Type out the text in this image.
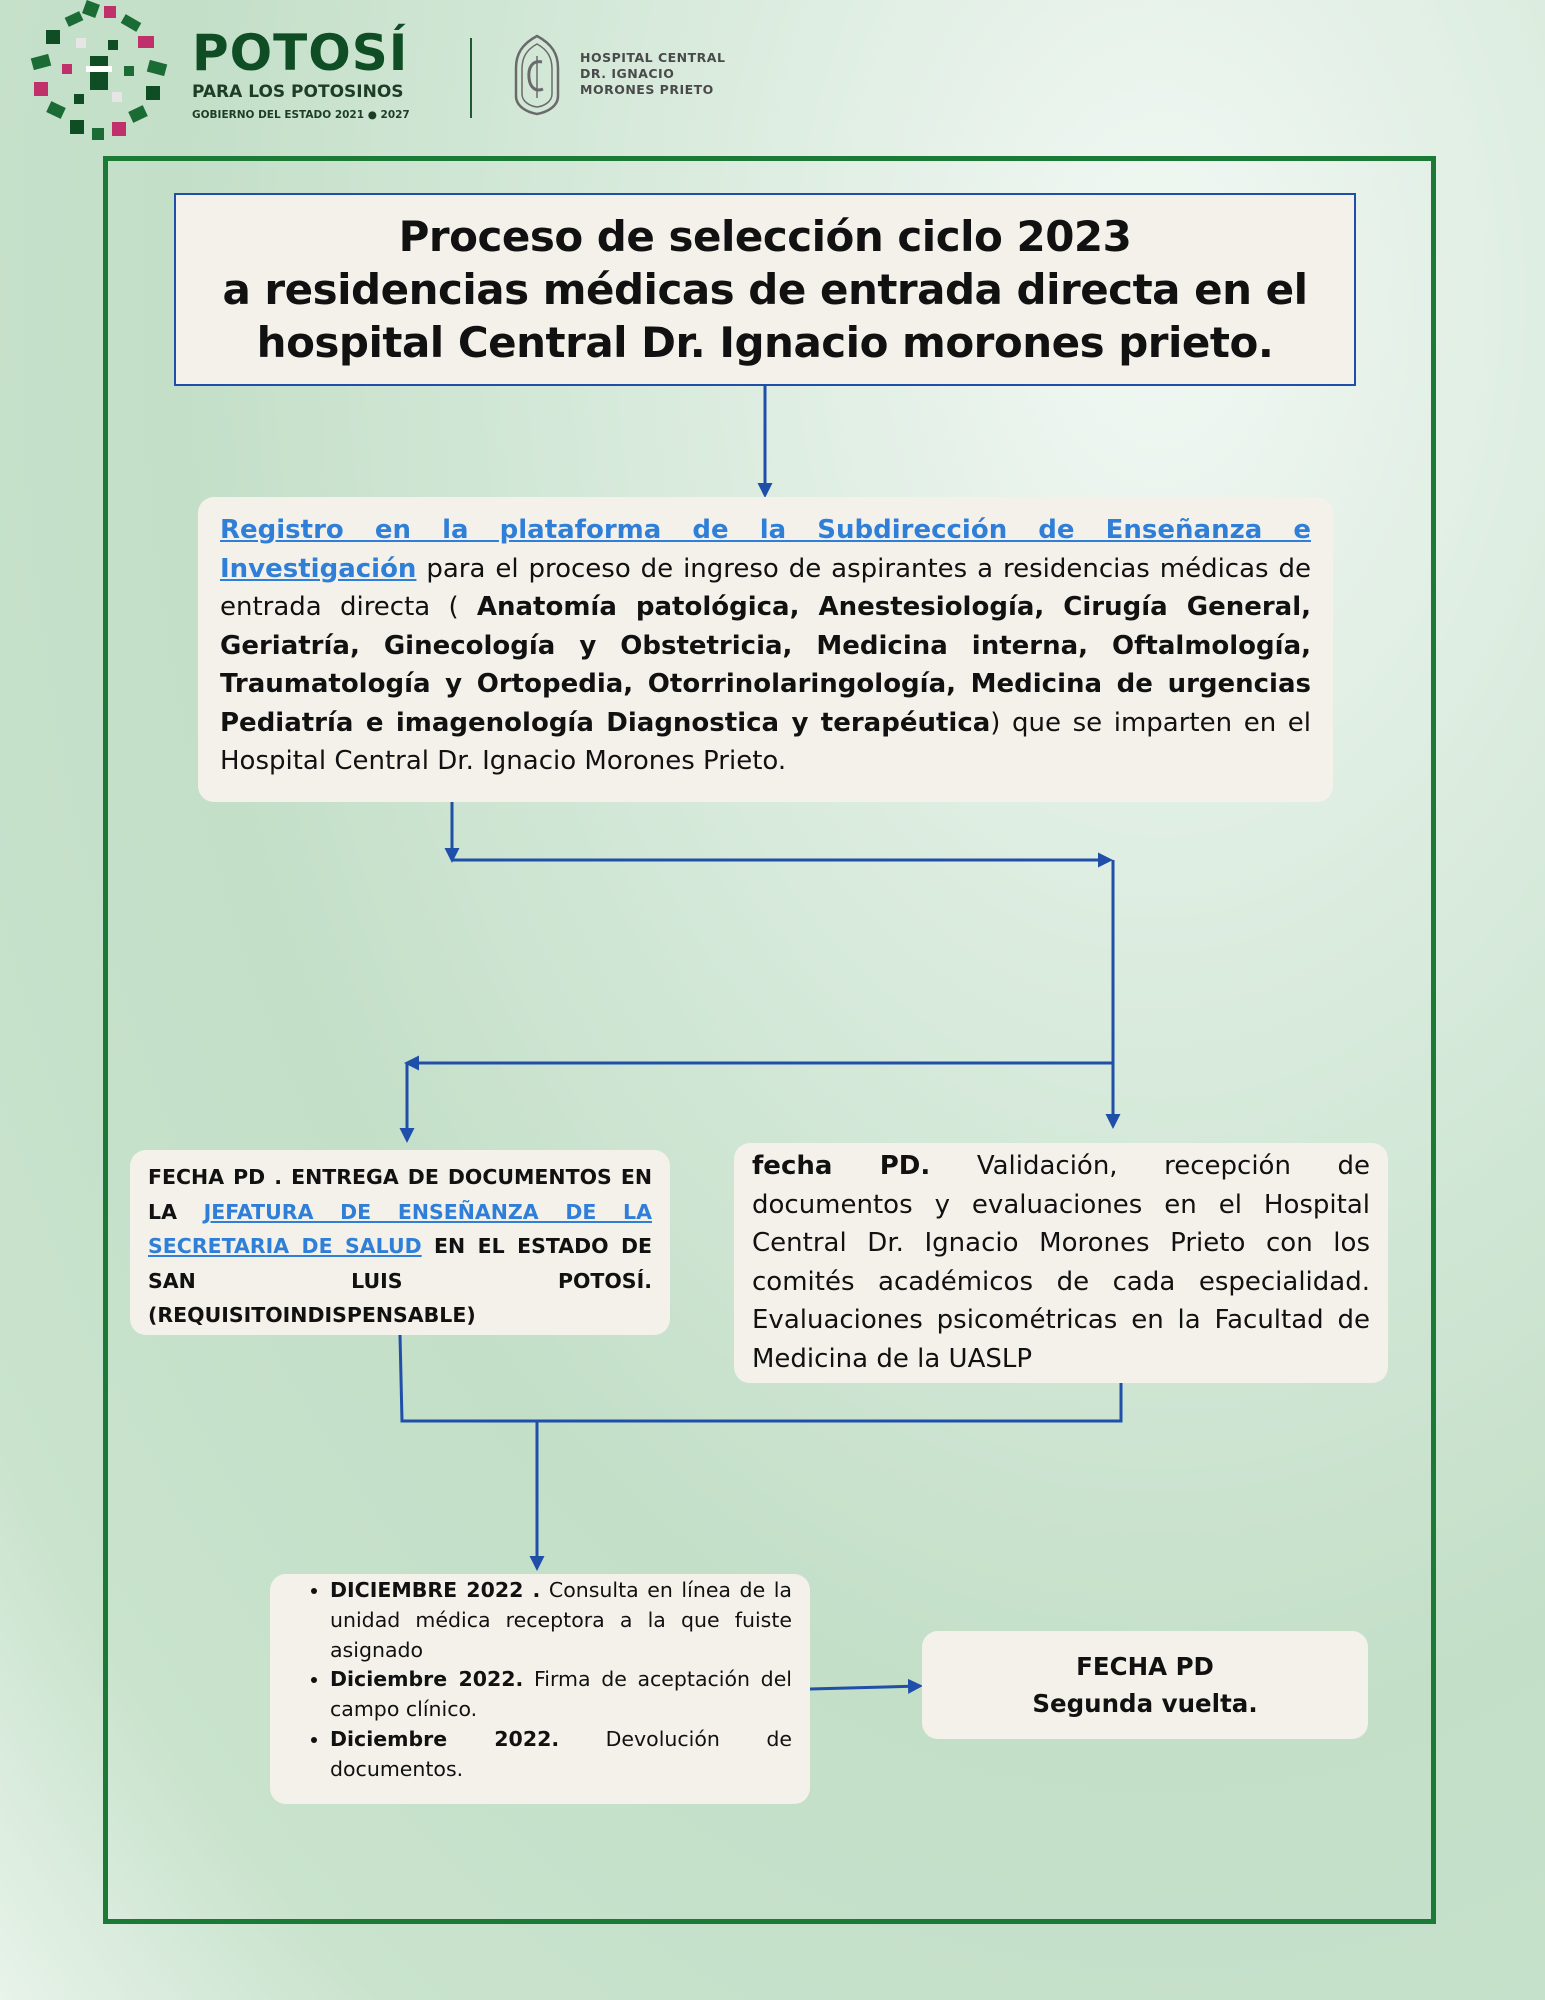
POTOSÍ
PARA LOS POTOSINOS
GOBIERNO DEL ESTADO 2021 ● 2027
HOSPITAL CENTRAL
DR. IGNACIO
MORONES PRIETO
Proceso de selección ciclo 2023
a residencias médicas de entrada directa en el
hospital Central Dr. Ignacio morones prieto.
Registro en la plataforma de la Subdirección de Enseñanza e Investigación para el proceso de ingreso de aspirantes a residencias médicas de entrada directa ( Anatomía patológica, Anestesiología, Cirugía General, Geriatría, Ginecología y Obstetricia, Medicina interna, Oftalmología, Traumatología y Ortopedia, Otorrinolaringología, Medicina de urgencias Pediatría e imagenología Diagnostica y terapéutica) que se imparten en el Hospital Central Dr. Ignacio Morones Prieto.
FECHA PD . ENTREGA DE DOCUMENTOS EN LA JEFATURA DE ENSEÑANZA DE LA SECRETARIA DE SALUD EN EL ESTADO DE SAN LUIS POTOSÍ. (REQUISITOINDISPENSABLE)
fecha PD. Validación, recepción de documentos y evaluaciones en el Hospital Central Dr. Ignacio Morones Prieto con los comités académicos de cada especialidad. Evaluaciones psicométricas en la Facultad de Medicina de la UASLP
• DICIEMBRE 2022 . Consulta en línea de la unidad médica receptora a la que fuiste asignado
• Diciembre 2022. Firma de aceptación del campo clínico.
• Diciembre 2022. Devolución de documentos.
FECHA PD
Segunda vuelta.
